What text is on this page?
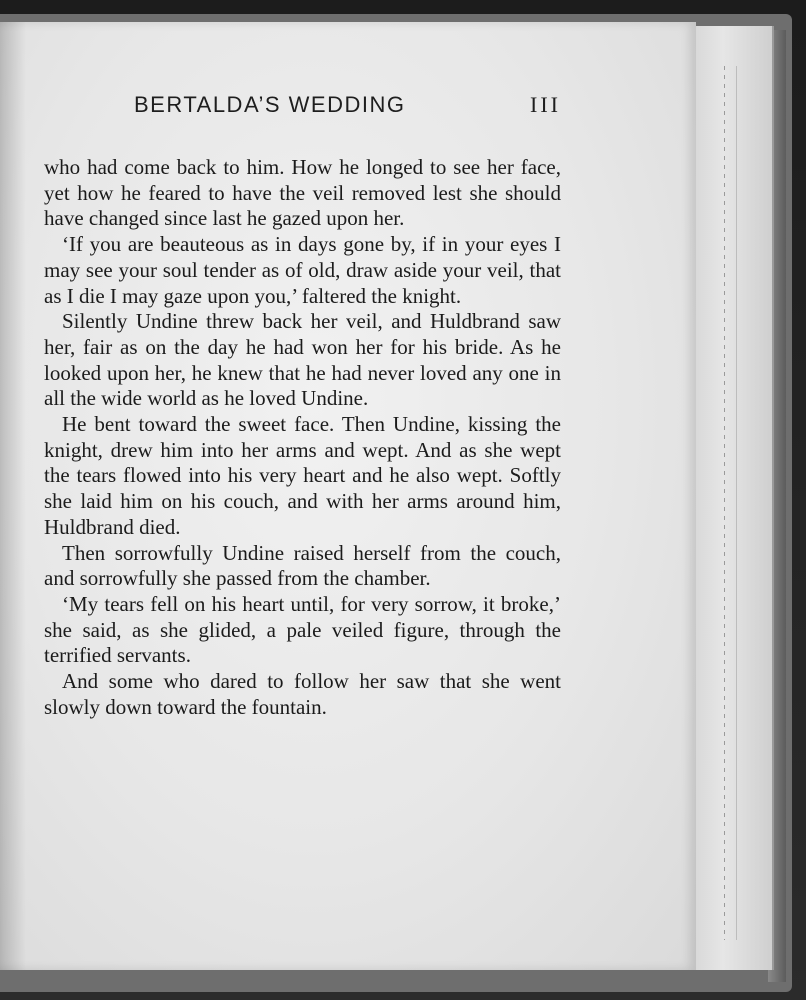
BERTALDA’S WEDDING	III

who had come back to him. How he longed to see her face, yet how he feared to have the veil removed lest she should have changed since last he gazed upon her.

‘If you are beauteous as in days gone by, if in your eyes I may see your soul tender as of old, draw aside your veil, that as I die I may gaze upon you,’ faltered the knight.

Silently Undine threw back her veil, and Huldbrand saw her, fair as on the day he had won her for his bride. As he looked upon her, he knew that he had never loved any one in all the wide world as he loved Undine.

He bent toward the sweet face. Then Undine, kissing the knight, drew him into her arms and wept. And as she wept the tears flowed into his very heart and he also wept. Softly she laid him on his couch, and with her arms around him, Huldbrand died.

Then sorrowfully Undine raised herself from the couch, and sorrowfully she passed from the chamber.

‘My tears fell on his heart until, for very sorrow, it broke,’ she said, as she glided, a pale veiled figure, through the terrified servants.

And some who dared to follow her saw that she went slowly down toward the fountain.
